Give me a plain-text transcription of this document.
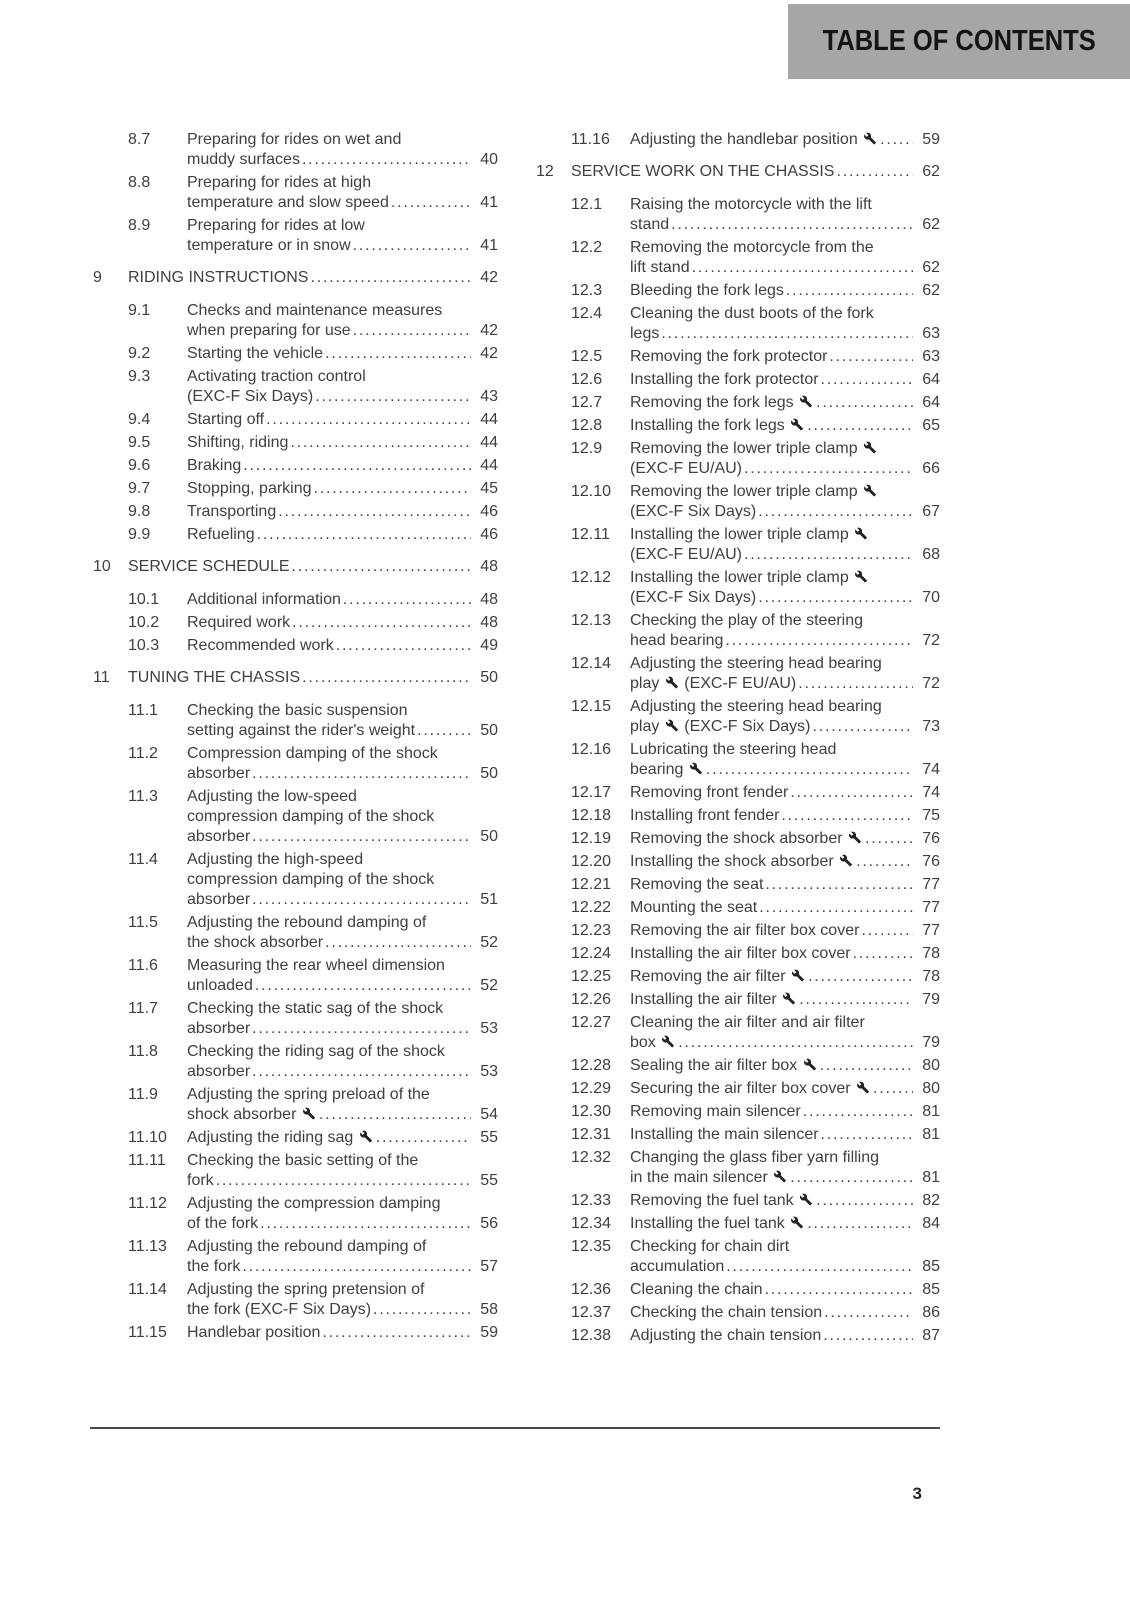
TABLE OF CONTENTS
8.7	Preparing for rides on wet and
muddy surfaces .....	40
8.8	Preparing for rides at high
temperature and slow speed .....	41
8.9	Preparing for rides at low
temperature or in snow .....	41
9	RIDING INSTRUCTIONS .....	42
9.1	Checks and maintenance measures
when preparing for use .....	42
9.2	Starting the vehicle .....	42
9.3	Activating traction control
(EXC-F Six Days) .....	43
9.4	Starting off .....	44
9.5	Shifting, riding .....	44
9.6	Braking .....	44
9.7	Stopping, parking .....	45
9.8	Transporting .....	46
9.9	Refueling .....	46
10	SERVICE SCHEDULE .....	48
10.1	Additional information .....	48
10.2	Required work .....	48
10.3	Recommended work .....	49
11	TUNING THE CHASSIS .....	50
11.1	Checking the basic suspension
setting against the rider's weight .....	50
11.2	Compression damping of the shock
absorber .....	50
11.3	Adjusting the low-speed
compression damping of the shock
absorber .....	50
11.4	Adjusting the high-speed
compression damping of the shock
absorber .....	51
11.5	Adjusting the rebound damping of
the shock absorber .....	52
11.6	Measuring the rear wheel dimension
unloaded .....	52
11.7	Checking the static sag of the shock
absorber .....	53
11.8	Checking the riding sag of the shock
absorber .....	53
11.9	Adjusting the spring preload of the
shock absorber .....	54
11.10	Adjusting the riding sag .....	55
11.11	Checking the basic setting of the
fork .....	55
11.12	Adjusting the compression damping
of the fork .....	56
11.13	Adjusting the rebound damping of
the fork .....	57
11.14	Adjusting the spring pretension of
the fork (EXC-F Six Days) .....	58
11.15	Handlebar position .....	59
11.16	Adjusting the handlebar position .....	59
12	SERVICE WORK ON THE CHASSIS .....	62
12.1	Raising the motorcycle with the lift
stand .....	62
12.2	Removing the motorcycle from the
lift stand .....	62
12.3	Bleeding the fork legs .....	62
12.4	Cleaning the dust boots of the fork
legs .....	63
12.5	Removing the fork protector .....	63
12.6	Installing the fork protector .....	64
12.7	Removing the fork legs .....	64
12.8	Installing the fork legs .....	65
12.9	Removing the lower triple clamp
(EXC-F EU/AU) .....	66
12.10	Removing the lower triple clamp
(EXC-F Six Days) .....	67
12.11	Installing the lower triple clamp
(EXC-F EU/AU) .....	68
12.12	Installing the lower triple clamp
(EXC-F Six Days) .....	70
12.13	Checking the play of the steering
head bearing .....	72
12.14	Adjusting the steering head bearing
play  (EXC-F EU/AU) .....	72
12.15	Adjusting the steering head bearing
play  (EXC-F Six Days) .....	73
12.16	Lubricating the steering head
bearing .....	74
12.17	Removing front fender .....	74
12.18	Installing front fender .....	75
12.19	Removing the shock absorber .....	76
12.20	Installing the shock absorber .....	76
12.21	Removing the seat .....	77
12.22	Mounting the seat .....	77
12.23	Removing the air filter box cover .....	77
12.24	Installing the air filter box cover .....	78
12.25	Removing the air filter .....	78
12.26	Installing the air filter .....	79
12.27	Cleaning the air filter and air filter
box .....	79
12.28	Sealing the air filter box .....	80
12.29	Securing the air filter box cover .....	80
12.30	Removing main silencer .....	81
12.31	Installing the main silencer .....	81
12.32	Changing the glass fiber yarn filling
in the main silencer .....	81
12.33	Removing the fuel tank .....	82
12.34	Installing the fuel tank .....	84
12.35	Checking for chain dirt
accumulation .....	85
12.36	Cleaning the chain .....	85
12.37	Checking the chain tension .....	86
12.38	Adjusting the chain tension .....	87
3
